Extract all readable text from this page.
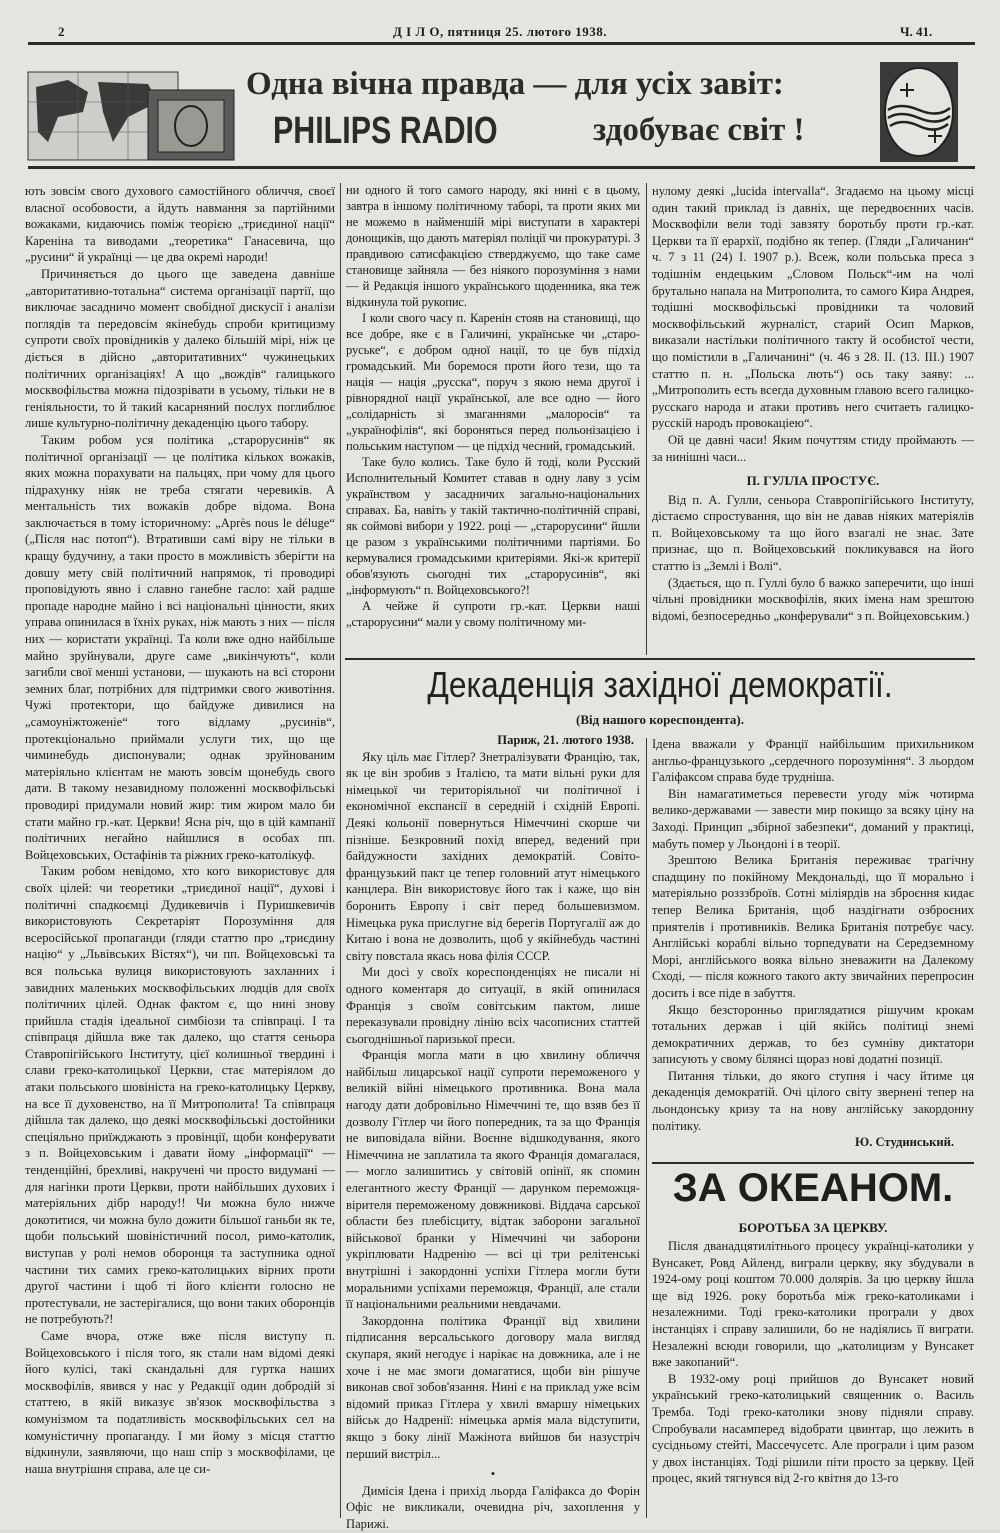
2	Д І Л О, пятниця 25. лютого 1938.	Ч. 41.
Одна вічна правда — для усіх завіт:
PHILIPS RADIO	здобуває світ !

ють зовсім свого духового самостійного обличчя, своєї власної особовости, а йдуть навмання за партійними вожаками, кидаючись поміж теорією „триєдиної нації“ Кареніна та виводами „теоретика“ Ганасевича, що „русини“ й українці — це два окремі народи!

Причиняється до цього ще заведена давніше „авторитативно-тотальна“ система організації партії, що виключає засадничо момент свобідної дискусії і аналізи поглядів та передовсім якінебудь спроби критицизму супроти своїх провідників у далеко більшій мірі, ніж це діється в дійсно „авторитативних“ чужинецьких політичних організаціях! А що „вождів“ галицького москвофільства можна підозрівати в усьому, тільки не в геніяльности, то й такий касарняний послух поглиблює лише культурно-політичну декаденцію цього табору.

Таким робом уся політика „старорусинів“ як політичної організації — це політика кількох вожаків, яких можна порахувати на пальцях, при чому для цього підрахунку ніяк не треба стягати черевиків. А ментальність тих вожаків добре відома. Вона заключається в тому історичному: „Après nous le déluge“ („Після нас потоп“). Втративши самі віру не тільки в кращу будучину, а таки просто в можливість зберігти на довшу мету свій політичний напрямок, ті проводирі проповідують явно і славно ганебне гасло: хай радше пропаде народне майно і всі національні цінности, яких управа опинилася в їхніх руках, ніж мають з них — після них — користати українці. Та коли вже одно найбільше майно зруйнували, друге саме „викінчують“, коли загибли свої менші установи, — шукають на всі сторони земних благ, потрібних для підтримки свого животіння. Чужі протектори, що байдуже дивилися на „самоуніжтоженіе“ того відламу „русинів“, протекціонально приймали услуги тих, що ще чиминебудь диспонували; однак зруйнованим матеріяльно клієнтам не мають зовсім щонебудь свого дати. В такому незавидному положенні москвофільські проводирі придумали новий жир: тим жиром мало би стати майно гр.-кат. Церкви! Ясна річ, що в цій кампанії політичних негайно найшлися в особах пп. Войцеховських, Остафінів та ріжних греко-католікуф.

Таким робом невідомо, хто кого використовує для своїх цілей: чи теоретики „триєдиної нації“, духові і політичні спадкоємці Дудикевичів і Пуришкевичів використовують Секретаріят Порозуміння для всеросійської пропаганди (гляди статтю про „триєдину націю“ у „Львівських Вістях“), чи пп. Войцеховські та вся польська вулиця використовують захланних і завидних маленьких москвофільських людців для своїх політичних цілей. Однак фактом є, що нині знову прийшла стадія ідеальної симбіози та співпраці. І та співпраця дійшла вже так далеко, що стаття сеньора Ставропігійського Інституту, цієї колишньої твердині і слави греко-католицької Церкви, стає матеріялом до атаки польського шовініста на греко-католицьку Церкву, на все її духовенство, на її Митрополита! Та співпраця дійшла так далеко, що деякі москвофільські достойники спеціяльно приїжджають з провінції, щоби конферувати з п. Войцеховським і давати йому „інформації“ — тенденційні, брехливі, накручені чи просто видумані — для нагінки проти Церкви, проти найбільших духових і матеріяльних дібр народу!! Чи можна було нижче докотитися, чи можна було дожити більшої ганьби як те, щоби польський шовіністичний посол, римо-католик, виступав у ролі немов оборонця та заступника одної частини тих самих греко-католицьких вірних проти другої частини і щоб ті його клієнти голосно не протестували, не застерігалися, що вони таких оборонців не потребують?!

Саме вчора, отже вже після виступу п. Войцеховського і після того, як стали нам відомі деякі його кулісі, такі скандальні для гуртка наших москвофілів, явився у нас у Редакції один добродій зі статтею, в якій виказує зв'язок москвофільства з комунізмом та податливість москвофільських сел на комуністичну пропаганду. І ми йому з місця статтю відкинули, заявляючи, що наш спір з москвофілами, це наша внутрішня справа, але це си-

ни одного й того самого народу, які нині є в цьому, завтра в іншому політичному таборі, та проти яких ми не можемо в найменшій мірі виступати в характері донощиків, що дають матеріял поліції чи прокуратурі. З правдивою сатисфакцією стверджуємо, що таке саме становище зайняла — без ніякого порозуміння з нами — й Редакція іншого українського щоденника, яка теж відкинула той рукопис.

І коли свого часу п. Каренін стояв на становищі, що все добре, яке є в Галичині, українське чи „староруське“, є добром одної нації, то це був підхід громадський. Ми боремося проти його тези, що та нація — нація „русска“, поруч з якою нема другої і рівнорядної нації української, але все одно — його „солідарність зі змаганнями „малоросів“ та „українофілів“, які бороняться перед польонізацією і польським наступом — це підхід чесний, громадський.

Таке було колись. Таке було й тоді, коли Русский Исполнительный Комитет ставав в одну лаву з усім українством у засадничих загально-національних справах. Ба, навіть у такій тактично-політичній справі, як соймові вибори у 1922. році — „старорусини“ йшли це разом з українськими політичними партіями. Бо кермувалися громадськими критеріями. Які-ж критерії обов'язують сьогодні тих „старорусинів“, які „інформують“ п. Войцеховського?!

А чейже й супроти гр.-кат. Церкви наші „старорусини“ мали у свому політичному ми-

нулому деякі „lucida intervalla“. Згадаємо на цьому місці один такий приклад із давніх, ще передвоєнних часів. Москвофіли вели тоді завзяту боротьбу проти гр.-кат. Церкви та її ерархії, подібно як тепер. (Гляди „Галичанин“ ч. 7 з 11 (24) І. 1907 р.). Всеж, коли польська преса з тодішнім ендецьким „Словом Польск“-им на чолі брутально напала на Митрополита, то самого Кира Андрея, тодішні москвофільські провідники та чоловий москвофільський журналіст, старий Осип Марков, виказали настільки політичного такту й особистої чести, що помістили в „Галичанині“ (ч. 46 з 28. II. (13. III.) 1907 статтю п. н. „Польска лють“) ось таку заяву: ...„Митрополить есть всегда духовным главою всего галицко-русскаго народа и атаки противъ него считаеть галицко-русскій народъ провокаціею“.

Ой це давні часи! Яким почуттям стиду проймають — за нинішні часи...

П. ГУЛЛА ПРОСТУЄ.

Від п. А. Гулли, сеньора Ставропігійського Інституту, дістаємо спростування, що він не давав ніяких матеріялів п. Войцеховському та що його взагалі не знає. Зате признає, що п. Войцеховський покликувався на його статтю із „Землі і Волі“.

(Здається, що п. Гуллі було б важко заперечити, що інші чільні провідники москвофілів, яких імена нам зрештою відомі, безпосередньо „конферували“ з п. Войцеховським.)

Декаденція західної демократії.
(Від нашого кореспондента).
Париж, 21. лютого 1938.

Яку ціль має Гітлер? Знетралізувати Францію, так, як це він зробив з Італією, та мати вільні руки для німецької чи територіяльної чи політичної і економічної експансії в середній і східній Европі. Деякі кольонії повернуться Німеччині скорше чи пізніше. Безкровний похід вперед, ведений при байдужности західних демократій. Совіто-французький пакт це тепер головний атут німецького канцлера. Він використовує його так і каже, що він боронить Европу і світ перед большевизмом. Німецька рука прислугне від берегів Португалії аж до Китаю і вона не дозволить, щоб у якійнебудь частині світу повстала якась нова філія СССР.

Ми досі у своїх кореспонденціях не писали ні одного коментаря до ситуації, в якій опинилася Франція з своїм совітським пактом, лише переказували провідну лінію всіх часописних статтей сьогоднішньої паризької преси.

Франція могла мати в цю хвилину обличчя найбільш лицарської нації супроти переможеного у великій війні німецького противника. Вона мала нагоду дати добровільно Німеччині те, що взяв без її дозволу Гітлер чи його попередник, та за що Франція не виповідала війни. Воєнне відшкодування, якого Німеччина не заплатила та якого Франція домагалася, — могло залишитись у світовій опінії, як спомин елегантного жесту Франції — дарунком переможця-вірителя переможеному довжникові. Віддача сарської области без плебісциту, відтак заборони загальної військової бранки у Німеччині чи заборони укріплювати Надренію — всі ці три релітенські внутрішні і закордонні успіхи Гітлера могли бути моральними успіхами переможця, Франції, але стали її національними реальними невдачами.

Закордонна політика Франції від хвилини підписання версальського договору мала вигляд скупаря, який негодує і нарікає на довжника, але і не хоче і не має змоги домагатися, щоби він рішуче виконав свої зобов'язання. Нині є на приклад уже всім відомий приказ Гітлера у хвилі вмаршу німецьких військ до Надренії: німецька армія мала відступити, якщо з боку лінії Мажінота вийшов би назустріч перший вистріл...

•

Димісія Ідена і прихід льорда Галіфакса до Форін Офіс не викликали, очевидна річ, захоплення у Парижі.

Ідена вважали у Франції найбільшим прихильником англьо-французького „сердечного порозуміння“. З льордом Галіфаксом справа буде трудніша.

Він намагатиметься перевести угоду між чотирма велико-державами — завести мир покищо за всяку ціну на Заході. Принцип „збірної забезпеки“, доманий у практиці, мабуть помер у Льондоні і в теорії.

Зрештою Велика Британія переживає трагічну спадщину по покійному Мекдональді, що її морально і матеріяльно розззброїв. Сотні міліярдів на зброєння кидає тепер Велика Британія, щоб наздігнати озброєних приятелів і противників. Велика Британія потребує часу. Англійські кораблі вільно торпедувати на Середземному Морі, англійського вояка вільно зневажити на Далекому Сході, — після кожного такого акту звичайних перепросин досить і все піде в забуття.

Якщо безсторонньо приглядатися рішучим крокам тотальних держав і цій якійсь політиці знемі демократичних держав, то без сумніву диктатори записують у свому білянсі щораз нові додатні позиції.

Питання тільки, до якого ступня і часу йтиме ця декаденція демократій. Очі цілого світу звернені тепер на льондонську кризу та на нову англійську закордонну політику.

Ю. Студинський.
ЗА ОКЕАНОМ.
БОРОТЬБА ЗА ЦЕРКВУ.

Після дванадцятилітнього процесу українці-католики у Вунсакет, Ровд Айленд, виграли церкву, яку збудували в 1924-ому році коштом 70.000 долярів. За цю церкву йшла ще від 1926. року боротьба між греко-католиками і незалежними. Тоді греко-католики програли у двох інстанціях і справу залишили, бо не надіялись її виграти. Незалежні всюди говорили, що „католицизм у Вунсакет вже закопаний“.

В 1932-ому році прийшов до Вунсакет новий український греко-католицький священник о. Василь Тремба. Тоді греко-католики знову підняли справу. Спробували насамперед відобрати цвинтар, що лежить в сусідньому стейті, Массечусетс. Але програли і цим разом у двох інстанціях. Тоді рішили піти просто за церкву. Цей процес, який тягнувся від 2-го квітня до 13-го
